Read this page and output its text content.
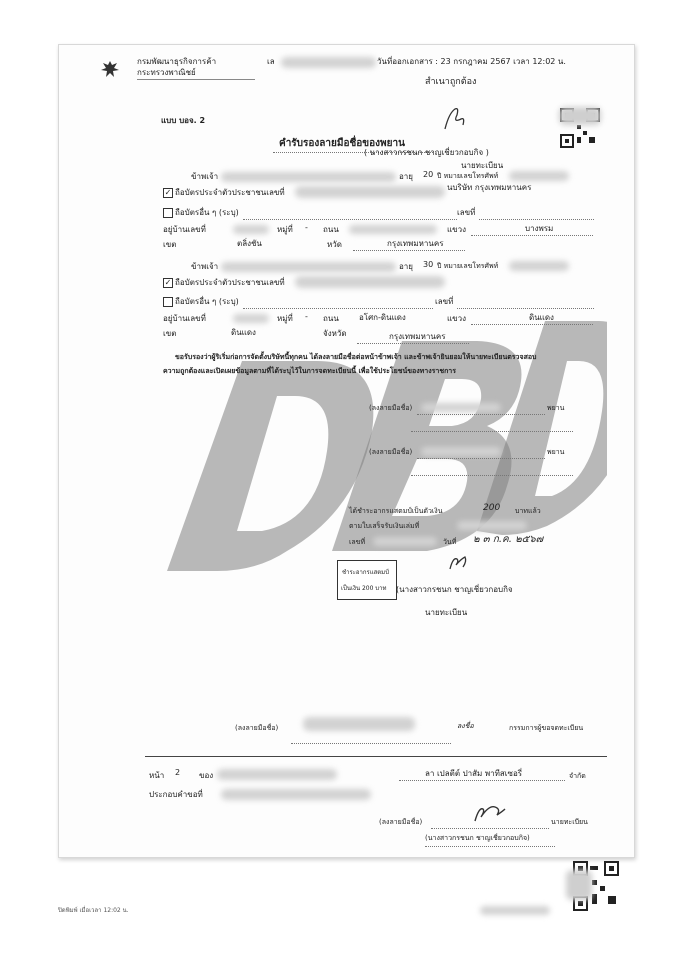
กรมพัฒนาธุรกิจการค้า
กระทรวงพาณิชย์
เล	วันที่ออกเอกสาร : 23 กรกฎาคม 2567 เวลา 12:02 น.
สำเนาถูกต้อง
แบบ บอจ. 2
คำรับรองลายมือชื่อของพยาน
( นางสาวกรชนก ชาญเชี่ยวกอบกิจ )
นายทะเบียน
ข้าพเจ้า	อายุ 20 ปี หมายเลขโทรศัพท์
นบริษัท กรุงเทพมหานคร
✓ ถือบัตรประจำตัวประชาชนเลขที่
ถือบัตรอื่น ๆ (ระบุ)	เลขที่
อยู่บ้านเลขที่	หมู่ที่ - ถนน	แขวง	บางพรม
เขต	ตลิ่งชัน	หวัด	กรุงเทพมหานคร
ข้าพเจ้า	อายุ 30 ปี หมายเลขโทรศัพท์
✓ ถือบัตรประจำตัวประชาชนเลขที่
ถือบัตรอื่น ๆ (ระบุ)	เลขที่
อยู่บ้านเลขที่	หมู่ที่ - ถนน	อโศก-ดินแดง	แขวง	ดินแดง
เขต	ดินแดง	จังหวัด	กรุงเทพมหานคร
ขอรับรองว่าผู้ริเริ่มก่อการจัดตั้งบริษัทนี้ทุกคน ได้ลงลายมือชื่อต่อหน้าข้าพเจ้า และข้าพเจ้ายินยอมให้นายทะเบียนตรวจสอบ
ความถูกต้องและเปิดเผยข้อมูลตามที่ได้ระบุไว้ในการจดทะเบียนนี้ เพื่อใช้ประโยชน์ของทางราชการ
(ลงลายมือชื่อ)	พยาน
(ลงลายมือชื่อ)	พยาน
ได้ชำระอากรแสตมป์เป็นตัวเงิน	200 บาทแล้ว
ตามใบเสร็จรับเงินเล่มที่
เลขที่	วันที่ ๒ ๓ ก.ค. ๒๕๖๗
ชำระอากรแสตมป์
เป็นเงิน 200 บาท (นางสาวกรชนก ชาญเชี่ยวกอบกิจ
นายทะเบียน
(ลงลายมือชื่อ)	ลงชื่อ	กรรมการผู้ขอจดทะเบียน
หน้า 2 ของ	ลา เปลตีต์ ปาสัม พาทีสเซอรี่	จำกัด
ประกอบคำขอที่
(ลงลายมือชื่อ)	นายทะเบียน
(นางสาวกรชนก ชาญเชี่ยวกอบกิจ)
ปิดพิมพ์ เมื่อเวลา 12:02 น.
